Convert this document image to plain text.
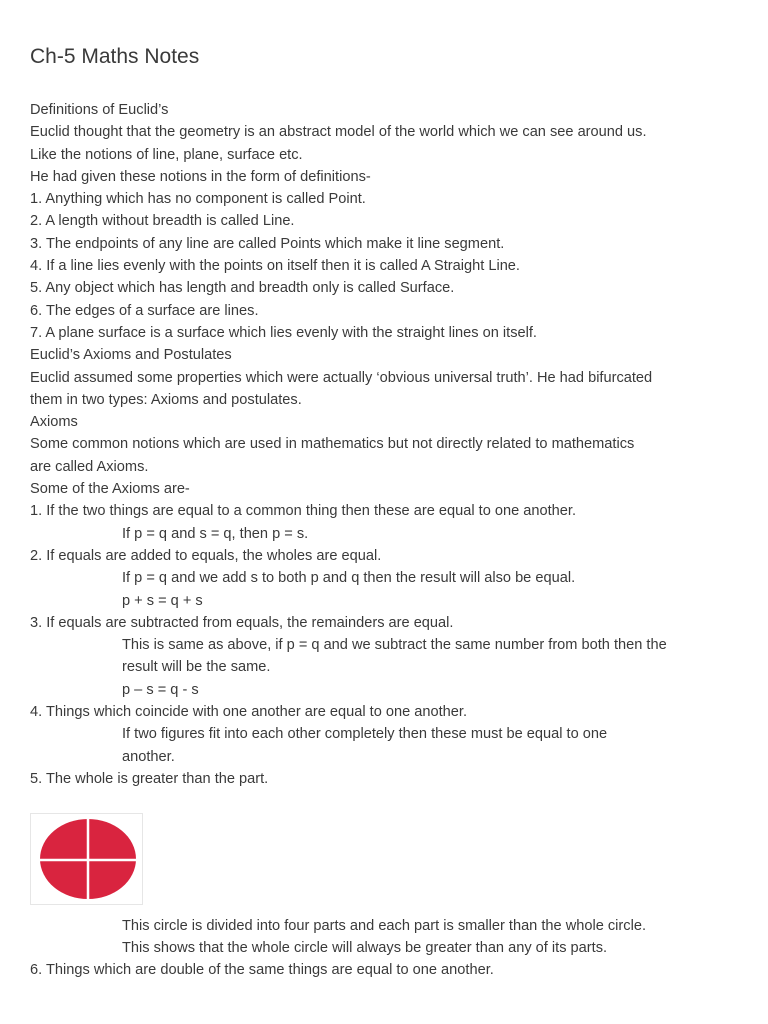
Ch-5 Maths Notes
Definitions of Euclid’s
Euclid thought that the geometry is an abstract model of the world which we can see around us.
Like the notions of line, plane, surface etc.
He had given these notions in the form of definitions-
1. Anything which has no component is called Point.
2. A length without breadth is called Line.
3. The endpoints of any line are called Points which make it line segment.
4. If a line lies evenly with the points on itself then it is called A Straight Line.
5. Any object which has length and breadth only is called Surface.
6. The edges of a surface are lines.
7. A plane surface is a surface which lies evenly with the straight lines on itself.
Euclid’s Axioms and Postulates
Euclid assumed some properties which were actually ‘obvious universal truth’. He had bifurcated
them in two types: Axioms and postulates.
Axioms
Some common notions which are used in mathematics but not directly related to mathematics
are called Axioms.
Some of the Axioms are-
1. If the two things are equal to a common thing then these are equal to one another.
If p = q and s = q, then p = s.
2. If equals are added to equals, the wholes are equal.
If p = q and we add s to both p and q then the result will also be equal.
p + s = q + s
3. If equals are subtracted from equals, the remainders are equal.
This is same as above, if p = q and we subtract the same number from both then the
result will be the same.
p – s = q - s
4. Things which coincide with one another are equal to one another.
If two figures fit into each other completely then these must be equal to one
another.
5. The whole is greater than the part.
This circle is divided into four parts and each part is smaller than the whole circle.
This shows that the whole circle will always be greater than any of its parts.
6. Things which are double of the same things are equal to one another.
